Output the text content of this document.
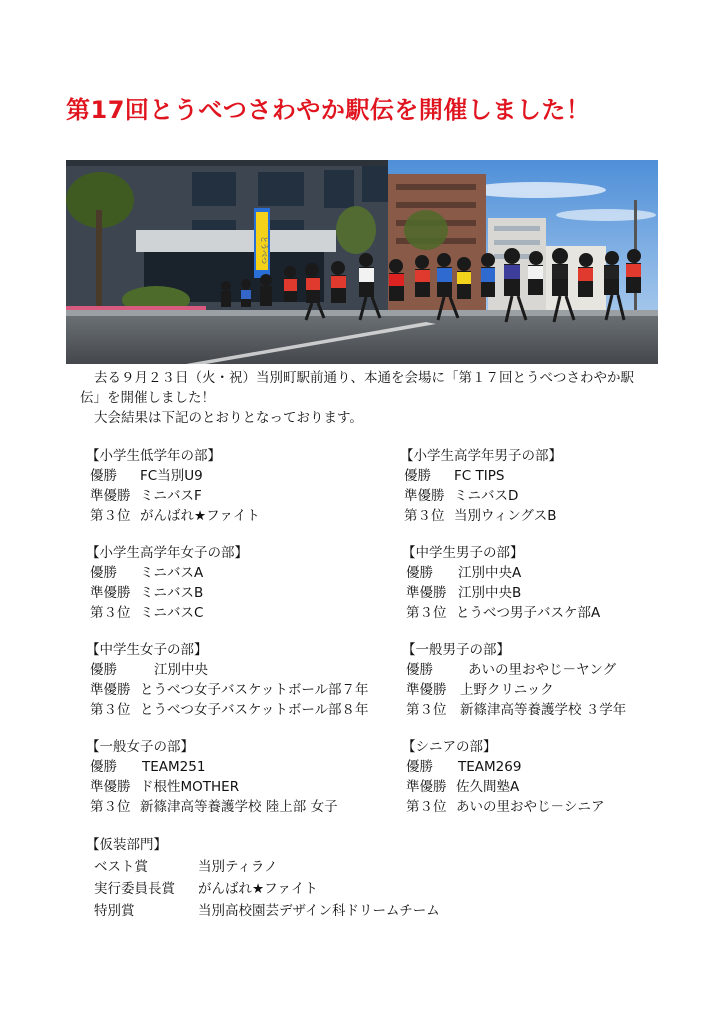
第17回とうべつさわやか駅伝を開催しました！
とうべつ

去る９月２３日（火・祝）当別町駅前通り、本通を会場に「第１７回とうべつさわやか駅

伝」を開催しました！

大会結果は下記のとおりとなっております。

【小学生低学年の部】
優勝	FC当別U9
準優勝 ミニバスF
第３位 がんばれ★ファイト
【小学生高学年女子の部】
優勝	ミニバスA
準優勝 ミニバスB
第３位 ミニバスC
【中学生女子の部】
優勝	江別中央
準優勝 とうべつ女子バスケットボール部７年
第３位 とうべつ女子バスケットボール部８年
【一般女子の部】
優勝	TEAM251
準優勝 ド根性MOTHER
第３位 新篠津高等養護学校 陸上部 女子
【小学生高学年男子の部】
優勝	FC TIPS
準優勝 ミニバスD
第３位 当別ウィングスB
【中学生男子の部】
優勝	江別中央A
準優勝 江別中央B
第３位 とうべつ男子バスケ部A
【一般男子の部】
優勝	あいの里おやじ－ヤング
準優勝	上野クリニック
第３位	新篠津高等養護学校 ３学年
【シニアの部】
優勝	TEAM269
準優勝 佐久間塾A
第３位 あいの里おやじ－シニア
【仮装部門】
ベスト賞	当別ティラノ
実行委員長賞	がんばれ★ファイト
特別賞	当別高校園芸デザイン科ドリームチーム
